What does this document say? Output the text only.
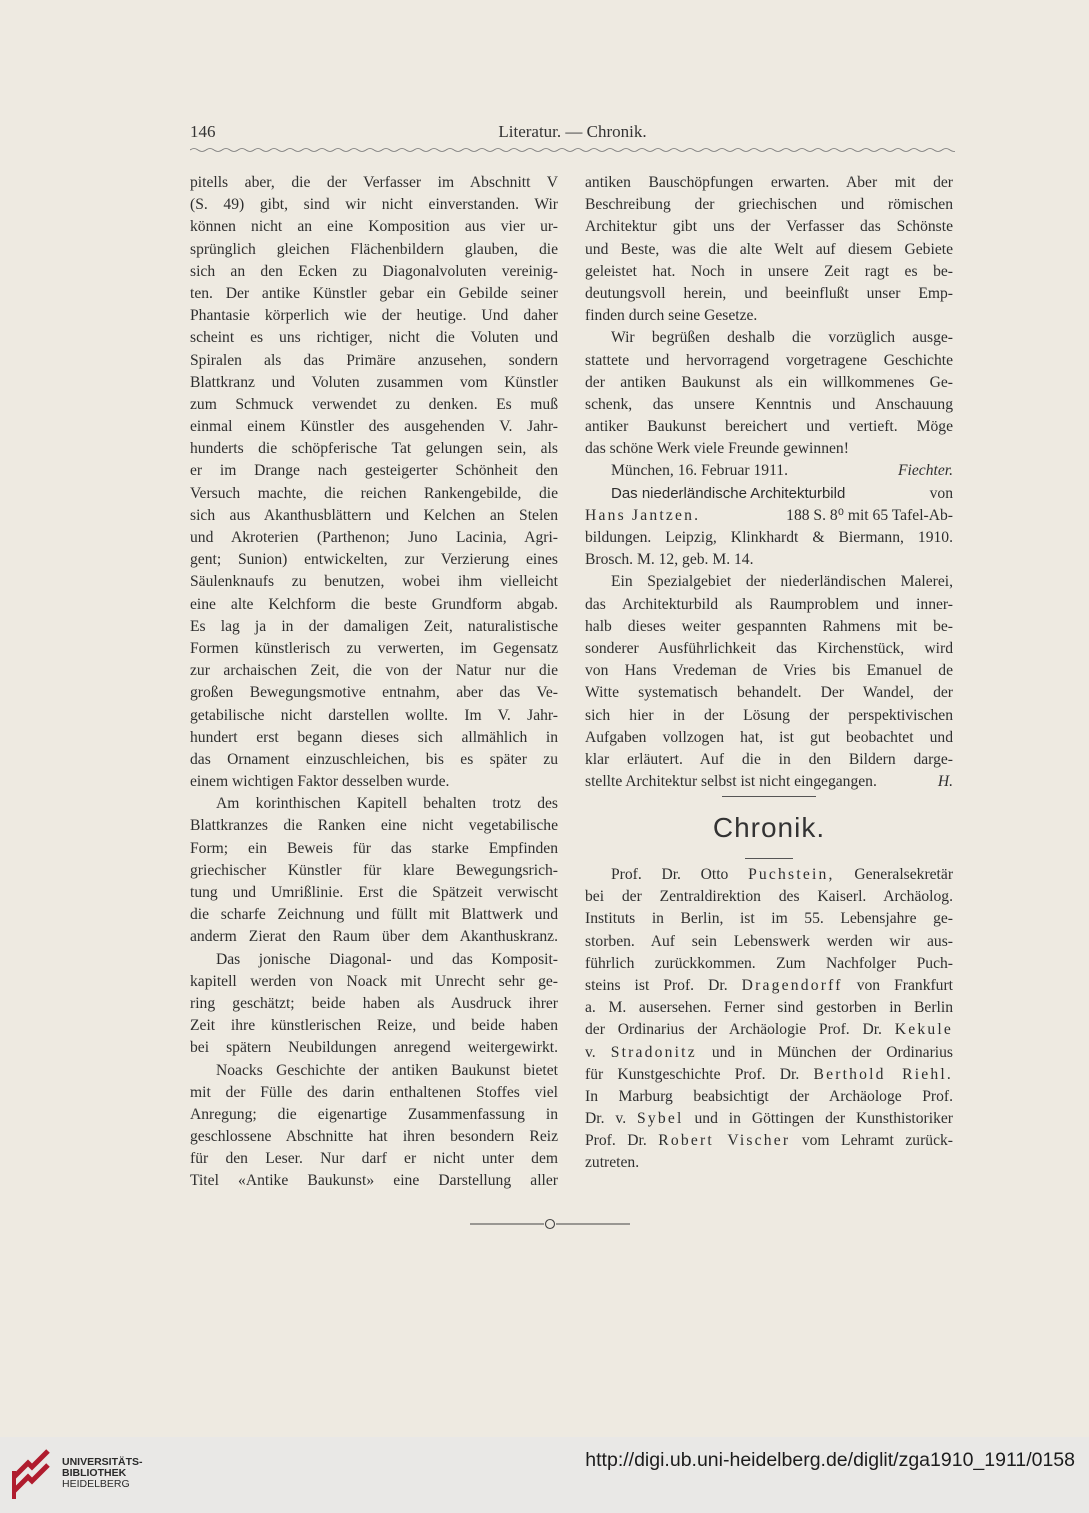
146	Literatur. — Chronik.
pitells aber, die der Verfasser im Abschnitt V
(S. 49) gibt, sind wir nicht einverstanden. Wir
können nicht an eine Komposition aus vier ur-
sprünglich gleichen Flächenbildern glauben, die
sich an den Ecken zu Diagonalvoluten vereinig-
ten. Der antike Künstler gebar ein Gebilde seiner
Phantasie körperlich wie der heutige. Und daher
scheint es uns richtiger, nicht die Voluten und
Spiralen als das Primäre anzusehen, sondern
Blattkranz und Voluten zusammen vom Künstler
zum Schmuck verwendet zu denken. Es muß
einmal einem Künstler des ausgehenden V. Jahr-
hunderts die schöpferische Tat gelungen sein, als
er im Drange nach gesteigerter Schönheit den
Versuch machte, die reichen Rankengebilde, die
sich aus Akanthusblättern und Kelchen an Stelen
und Akroterien (Parthenon; Juno Lacinia, Agri-
gent; Sunion) entwickelten, zur Verzierung eines
Säulenknaufs zu benutzen, wobei ihm vielleicht
eine alte Kelchform die beste Grundform abgab.
Es lag ja in der damaligen Zeit, naturalistische
Formen künstlerisch zu verwerten, im Gegensatz
zur archaischen Zeit, die von der Natur nur die
großen Bewegungsmotive entnahm, aber das Ve-
getabilische nicht darstellen wollte. Im V. Jahr-
hundert erst begann dieses sich allmählich in
das Ornament einzuschleichen, bis es später zu
einem wichtigen Faktor desselben wurde.
Am korinthischen Kapitell behalten trotz des
Blattkranzes die Ranken eine nicht vegetabilische
Form; ein Beweis für das starke Empfinden
griechischer Künstler für klare Bewegungsrich-
tung und Umrißlinie. Erst die Spätzeit verwischt
die scharfe Zeichnung und füllt mit Blattwerk und
anderm Zierat den Raum über dem Akanthuskranz.
Das jonische Diagonal- und das Komposit-
kapitell werden von Noack mit Unrecht sehr ge-
ring geschätzt; beide haben als Ausdruck ihrer
Zeit ihre künstlerischen Reize, und beide haben
bei spätern Neubildungen anregend weitergewirkt.
Noacks Geschichte der antiken Baukunst bietet
mit der Fülle des darin enthaltenen Stoffes viel
Anregung; die eigenartige Zusammenfassung in
geschlossene Abschnitte hat ihren besondern Reiz
für den Leser. Nur darf er nicht unter dem
Titel «Antike Baukunst» eine Darstellung aller
antiken Bauschöpfungen erwarten. Aber mit der
Beschreibung der griechischen und römischen
Architektur gibt uns der Verfasser das Schönste
und Beste, was die alte Welt auf diesem Gebiete
geleistet hat. Noch in unsere Zeit ragt es be-
deutungsvoll herein, und beeinflußt unser Emp-
finden durch seine Gesetze.
Wir begrüßen deshalb die vorzüglich ausge-
stattete und hervorragend vorgetragene Geschichte
der antiken Baukunst als ein willkommenes Ge-
schenk, das unsere Kenntnis und Anschauung
antiker Baukunst bereichert und vertieft. Möge
das schöne Werk viele Freunde gewinnen!
München, 16. Februar 1911.	Fiechter.
Das niederländische Architekturbild	von
Hans Jantzen.	188 S. 8⁰ mit 65 Tafel-Ab-
bildungen. Leipzig, Klinkhardt & Biermann, 1910.
Brosch. M. 12, geb. M. 14.
Ein Spezialgebiet der niederländischen Malerei,
das Architekturbild als Raumproblem und inner-
halb dieses weiter gespannten Rahmens mit be-
sonderer Ausführlichkeit das Kirchenstück, wird
von Hans Vredeman de Vries bis Emanuel de
Witte systematisch behandelt. Der Wandel, der
sich hier in der Lösung der perspektivischen
Aufgaben vollzogen hat, ist gut beobachtet und
klar erläutert. Auf die in den Bildern darge-
stellte Architektur selbst ist nicht eingegangen.	H.
Chronik.
Prof. Dr. Otto Puchstein, Generalsekretär
bei der Zentraldirektion des Kaiserl. Archäolog.
Instituts in Berlin, ist im 55. Lebensjahre ge-
storben. Auf sein Lebenswerk werden wir aus-
führlich zurückkommen. Zum Nachfolger Puch-
steins ist Prof. Dr. Dragendorff von Frankfurt
a. M. ausersehen. Ferner sind gestorben in Berlin
der Ordinarius der Archäologie Prof. Dr. Kekule
v. Stradonitz und in München der Ordinarius
für Kunstgeschichte Prof. Dr. Berthold Riehl.
In Marburg beabsichtigt der Archäologe Prof.
Dr. v. Sybel und in Göttingen der Kunsthistoriker
Prof. Dr. Robert Vischer vom Lehramt zurück-
zutreten.
UNIVERSITÄTS-
BIBLIOTHEK
HEIDELBERG
http://digi.ub.uni-heidelberg.de/diglit/zga1910_1911/0158
